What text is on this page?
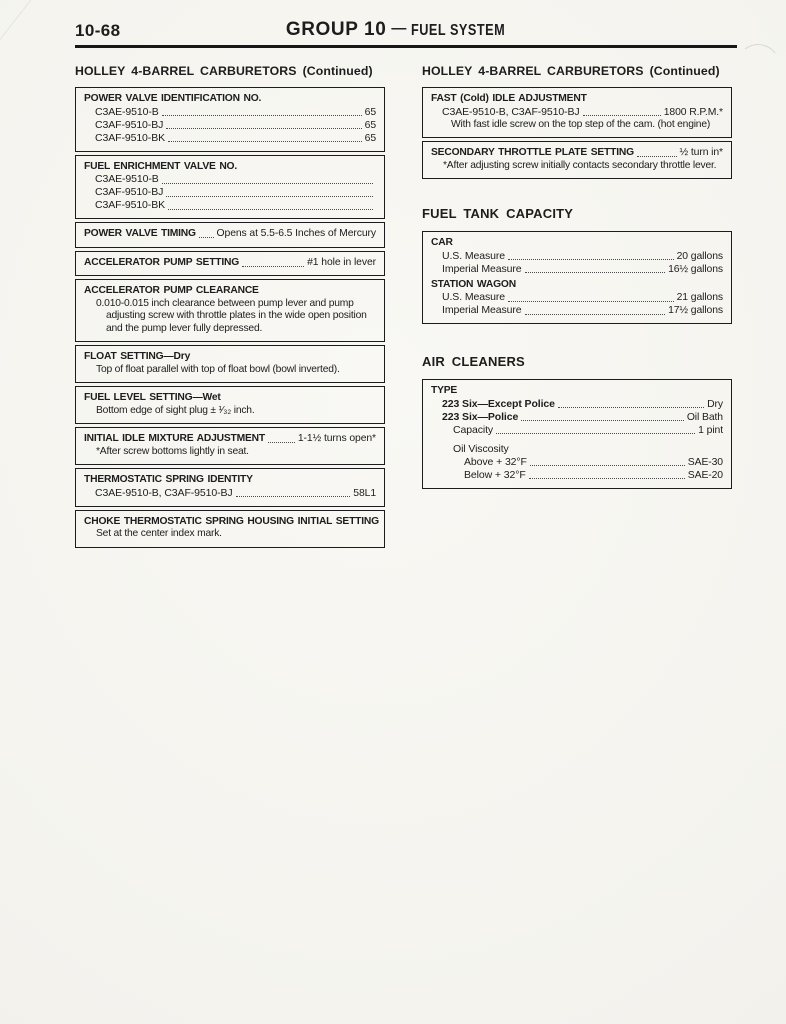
10-68	GROUP 10 — FUEL SYSTEM
HOLLEY 4-BARREL CARBURETORS (Continued)
POWER VALVE IDENTIFICATION NO.
C3AE-9510-B	65
C3AF-9510-BJ	65
C3AF-9510-BK	65
FUEL ENRICHMENT VALVE NO.
C3AE-9510-B
C3AF-9510-BJ
C3AF-9510-BK
POWER VALVE TIMING Opens at 5.5-6.5 Inches of Mercury
ACCELERATOR PUMP SETTING	#1 hole in lever
ACCELERATOR PUMP CLEARANCE
0.010-0.015 inch clearance between pump lever and pump adjusting screw with throttle plates in the wide open position and the pump lever fully depressed.
FLOAT SETTING—Dry
Top of float parallel with top of float bowl (bowl inverted).
FUEL LEVEL SETTING—Wet
Bottom edge of sight plug ± ¹⁄₃₂ inch.
INITIAL IDLE MIXTURE ADJUSTMENT	1-1½ turns open*
*After screw bottoms lightly in seat.
THERMOSTATIC SPRING IDENTITY
C3AE-9510-B, C3AF-9510-BJ	58L1
CHOKE THERMOSTATIC SPRING HOUSING INITIAL SETTING
Set at the center index mark.
HOLLEY 4-BARREL CARBURETORS (Continued)
FAST (Cold) IDLE ADJUSTMENT
C3AE-9510-B, C3AF-9510-BJ	1800 R.P.M.*
With fast idle screw on the top step of the cam. (hot engine)
SECONDARY THROTTLE PLATE SETTING	½ turn in*
*After adjusting screw initially contacts secondary throttle lever.
FUEL TANK CAPACITY
CAR
U.S. Measure	20 gallons
Imperial Measure	16½ gallons
STATION WAGON
U.S. Measure	21 gallons
Imperial Measure	17½ gallons
AIR CLEANERS
TYPE
223 Six—Except Police	Dry
223 Six—Police	Oil Bath
Capacity	1 pint
Oil Viscosity
Above + 32°F	SAE-30
Below + 32°F	SAE-20
